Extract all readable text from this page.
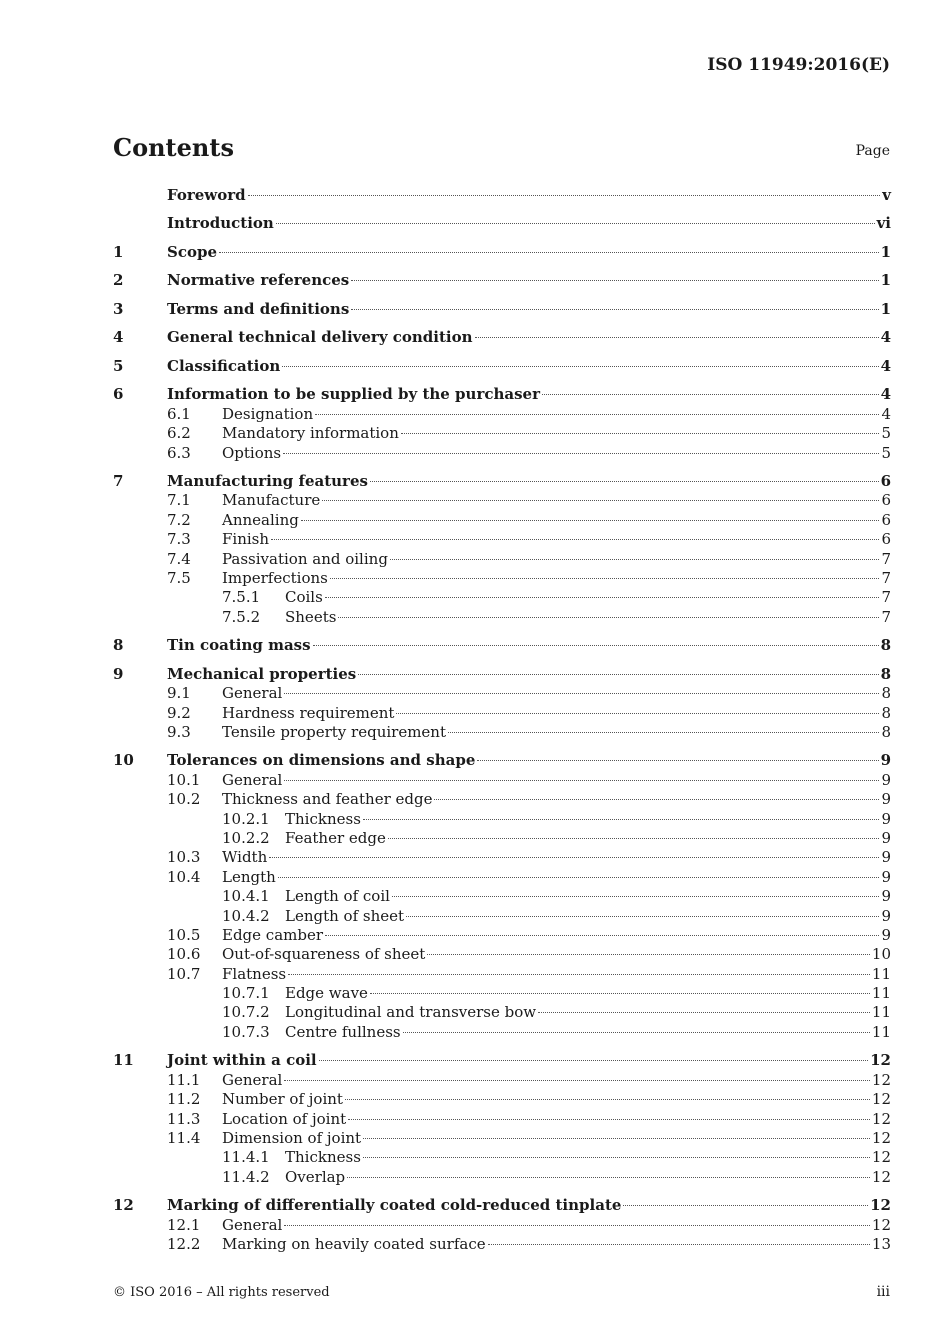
ISO 11949:2016(E)
Contents	Page
Foreword	v
Introduction	vi
1	Scope	1
2	Normative references	1
3	Terms and definitions	1
4	General technical delivery condition	4
5	Classification	4
6	Information to be supplied by the purchaser	4
6.1	Designation	4
6.2	Mandatory information	5
6.3	Options	5
7	Manufacturing features	6
7.1	Manufacture	6
7.2	Annealing	6
7.3	Finish	6
7.4	Passivation and oiling	7
7.5	Imperfections	7
7.5.1	Coils	7
7.5.2	Sheets	7
8	Tin coating mass	8
9	Mechanical properties	8
9.1	General	8
9.2	Hardness requirement	8
9.3	Tensile property requirement	8
10	Tolerances on dimensions and shape	9
10.1	General	9
10.2	Thickness and feather edge	9
10.2.1	Thickness	9
10.2.2	Feather edge	9
10.3	Width	9
10.4	Length	9
10.4.1	Length of coil	9
10.4.2	Length of sheet	9
10.5	Edge camber	9
10.6	Out-of-squareness of sheet	10
10.7	Flatness	11
10.7.1	Edge wave	11
10.7.2	Longitudinal and transverse bow	11
10.7.3	Centre fullness	11
11	Joint within a coil	12
11.1	General	12
11.2	Number of joint	12
11.3	Location of joint	12
11.4	Dimension of joint	12
11.4.1	Thickness	12
11.4.2	Overlap	12
12	Marking of differentially coated cold-reduced tinplate	12
12.1	General	12
12.2	Marking on heavily coated surface	13
© ISO 2016 – All rights reserved	iii
